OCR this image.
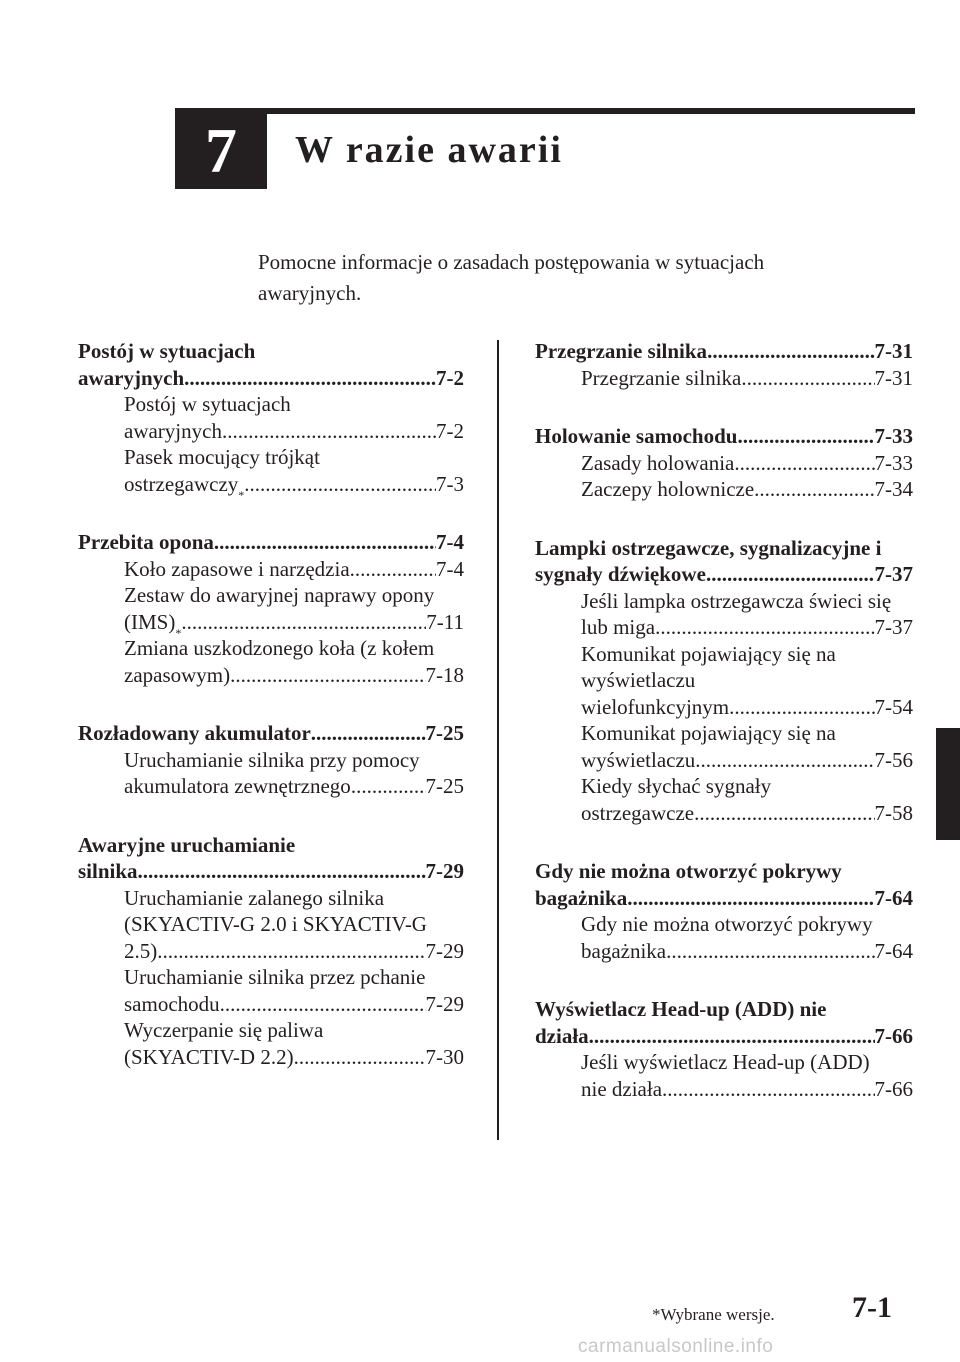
7 W razie awarii

Pomocne informacje o zasadach postępowania w sytuacjach awaryjnych.

Postój w sytuacjach
awaryjnych .....	7-2
Postój w sytuacjach
awaryjnych .....	7-2
Pasek mocujący trójkąt
ostrzegawczy* .....	7-3
Przebita opona .....	7-4
Koło zapasowe i narzędzia .....	7-4
Zestaw do awaryjnej naprawy opony
(IMS)* .....	7-11
Zmiana uszkodzonego koła (z kołem
zapasowym) .....	7-18
Rozładowany akumulator .....	7-25
Uruchamianie silnika przy pomocy
akumulatora zewnętrznego .....	7-25
Awaryjne uruchamianie
silnika .....	7-29
Uruchamianie zalanego silnika
(SKYACTIV-G 2.0 i SKYACTIV-G
2.5) .....	7-29
Uruchamianie silnika przez pchanie
samochodu .....	7-29
Wyczerpanie się paliwa
(SKYACTIV-D 2.2) .....	7-30
Przegrzanie silnika .....	7-31
Przegrzanie silnika .....	7-31
Holowanie samochodu .....	7-33
Zasady holowania .....	7-33
Zaczepy holownicze .....	7-34
Lampki ostrzegawcze, sygnalizacyjne i
sygnały dźwiękowe .....	7-37
Jeśli lampka ostrzegawcza świeci się
lub miga .....	7-37
Komunikat pojawiający się na
wyświetlaczu
wielofunkcyjnym .....	7-54
Komunikat pojawiający się na
wyświetlaczu .....	7-56
Kiedy słychać sygnały
ostrzegawcze .....	7-58
Gdy nie można otworzyć pokrywy
bagażnika .....	7-64
Gdy nie można otworzyć pokrywy
bagażnika .....	7-64
Wyświetlacz Head-up (ADD) nie
działa .....	7-66
Jeśli wyświetlacz Head-up (ADD)
nie działa .....	7-66
*Wybrane wersje.	7-1
carmanualsonline.info
